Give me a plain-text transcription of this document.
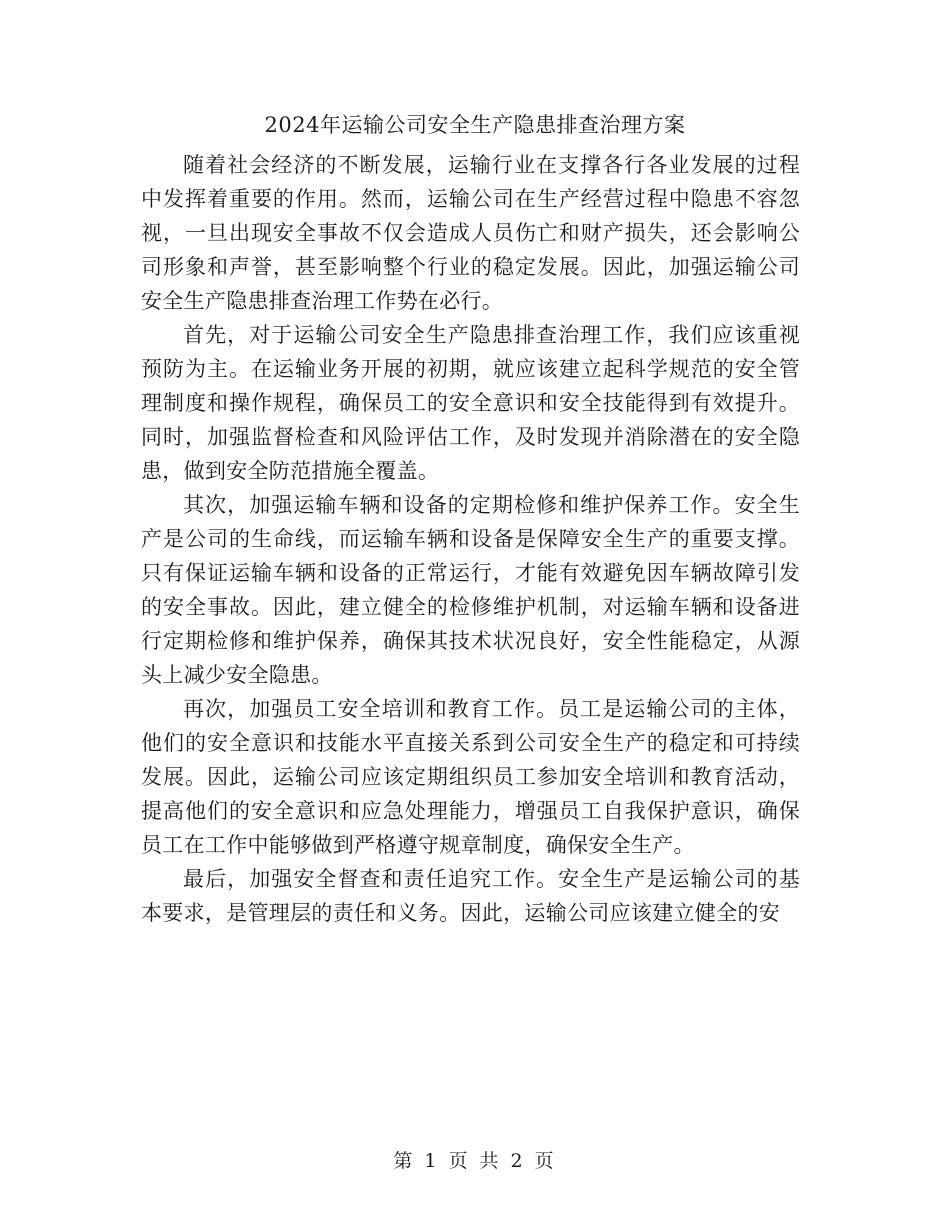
2024年运输公司安全生产隐患排查治理方案

随着社会经济的不断发展，运输行业在支撑各行各业发展的过程中发挥着重要的作用。然而，运输公司在生产经营过程中隐患不容忽视，一旦出现安全事故不仅会造成人员伤亡和财产损失，还会影响公司形象和声誉，甚至影响整个行业的稳定发展。因此，加强运输公司安全生产隐患排查治理工作势在必行。

首先，对于运输公司安全生产隐患排查治理工作，我们应该重视预防为主。在运输业务开展的初期，就应该建立起科学规范的安全管理制度和操作规程，确保员工的安全意识和安全技能得到有效提升。同时，加强监督检查和风险评估工作，及时发现并消除潜在的安全隐患，做到安全防范措施全覆盖。

其次，加强运输车辆和设备的定期检修和维护保养工作。安全生产是公司的生命线，而运输车辆和设备是保障安全生产的重要支撑。只有保证运输车辆和设备的正常运行，才能有效避免因车辆故障引发的安全事故。因此，建立健全的检修维护机制，对运输车辆和设备进行定期检修和维护保养，确保其技术状况良好，安全性能稳定，从源头上减少安全隐患。

再次，加强员工安全培训和教育工作。员工是运输公司的主体，他们的安全意识和技能水平直接关系到公司安全生产的稳定和可持续发展。因此，运输公司应该定期组织员工参加安全培训和教育活动，提高他们的安全意识和应急处理能力，增强员工自我保护意识，确保员工在工作中能够做到严格遵守规章制度，确保安全生产。

最后，加强安全督查和责任追究工作。安全生产是运输公司的基本要求，是管理层的责任和义务。因此，运输公司应该建立健全的安

第 1 页 共 2 页
